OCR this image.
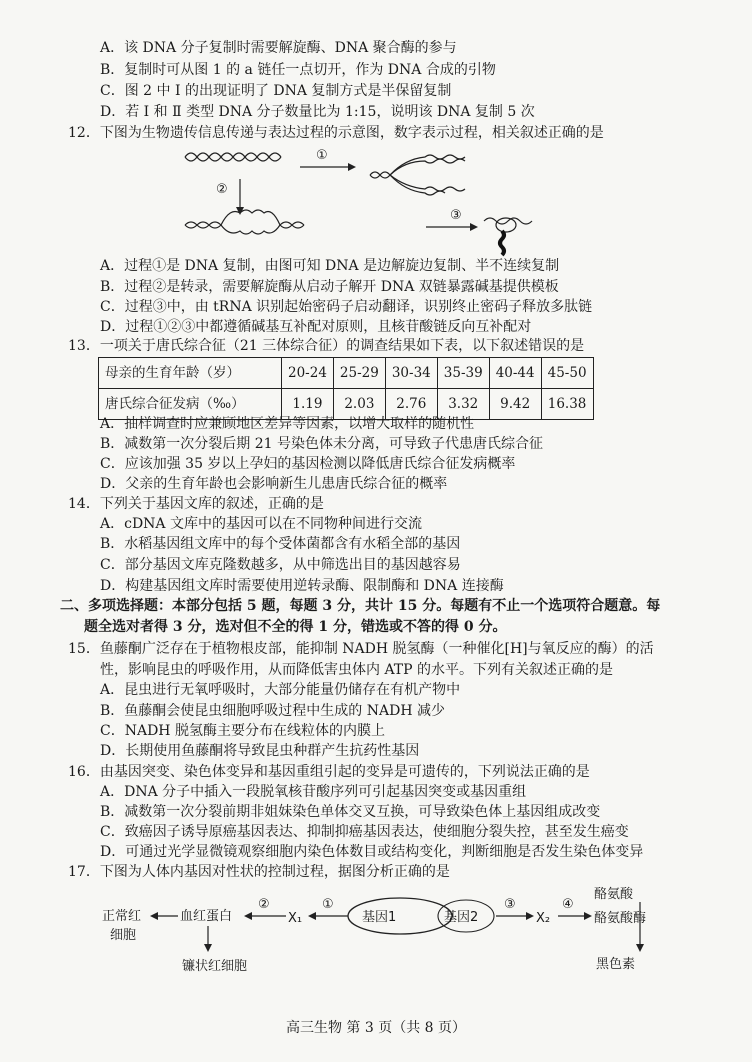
A．该 DNA 分子复制时需要解旋酶、DNA 聚合酶的参与
B．复制时可从图 1 的 a 链任一点切开，作为 DNA 合成的引物
C．图 2 中 Ⅰ 的出现证明了 DNA 复制方式是半保留复制
D．若 Ⅰ 和 Ⅱ 类型 DNA 分子数量比为 1:15，说明该 DNA 复制 5 次
12．下图为生物遗传信息传递与表达过程的示意图，数字表示过程，相关叙述正确的是
①
②
③
A．过程①是 DNA 复制，由图可知 DNA 是边解旋边复制、半不连续复制
B．过程②是转录，需要解旋酶从启动子解开 DNA 双链暴露碱基提供模板
C．过程③中，由 tRNA 识别起始密码子启动翻译，识别终止密码子释放多肽链
D．过程①②③中都遵循碱基互补配对原则，且核苷酸链反向互补配对
13．一项关于唐氏综合征（21 三体综合征）的调查结果如下表，以下叙述错误的是
母亲的生育年龄（岁）	20-24	25-29	30-34	35-39	40-44	45-50
唐氏综合征发病（‰）	1.19	2.03	2.76	3.32	9.42	16.38
A．抽样调查时应兼顾地区差异等因素，以增大取样的随机性
B．减数第一次分裂后期 21 号染色体未分离，可导致子代患唐氏综合征
C．应该加强 35 岁以上孕妇的基因检测以降低唐氏综合征发病概率
D．父亲的生育年龄也会影响新生儿患唐氏综合征的概率
14．下列关于基因文库的叙述，正确的是
A．cDNA 文库中的基因可以在不同物种间进行交流
B．水稻基因组文库中的每个受体菌都含有水稻全部的基因
C．部分基因文库克隆数越多，从中筛选出目的基因越容易
D．构建基因组文库时需要使用逆转录酶、限制酶和 DNA 连接酶
二、多项选择题：本部分包括 5 题，每题 3 分，共计 15 分。每题有不止一个选项符合题意。每
题全选对者得 3 分，选对但不全的得 1 分，错选或不答的得 0 分。
15．鱼藤酮广泛存在于植物根皮部，能抑制 NADH 脱氢酶（一种催化[H]与氧反应的酶）的活
性，影响昆虫的呼吸作用，从而降低害虫体内 ATP 的水平。下列有关叙述正确的是
A．昆虫进行无氧呼吸时，大部分能量仍储存在有机产物中
B．鱼藤酮会使昆虫细胞呼吸过程中生成的 NADH 减少
C．NADH 脱氢酶主要分布在线粒体的内膜上
D．长期使用鱼藤酮将导致昆虫种群产生抗药性基因
16．由基因突变、染色体变异和基因重组引起的变异是可遗传的，下列说法正确的是
A．DNA 分子中插入一段脱氧核苷酸序列可引起基因突变或基因重组
B．减数第一次分裂前期非姐妹染色单体交叉互换，可导致染色体上基因组成改变
C．致癌因子诱导原癌基因表达、抑制抑癌基因表达，使细胞分裂失控，甚至发生癌变
D．可通过光学显微镜观察细胞内染色体数目或结构变化，判断细胞是否发生染色体变异
17．下图为人体内基因对性状的控制过程，据图分析正确的是
正常红
细胞
血红蛋白
镰状红细胞
②
X₁
①
基因1	基因2
③
X₂
④
酪氨酸酶
酪氨酸
黑色素
高三生物 第 3 页（共 8 页）
